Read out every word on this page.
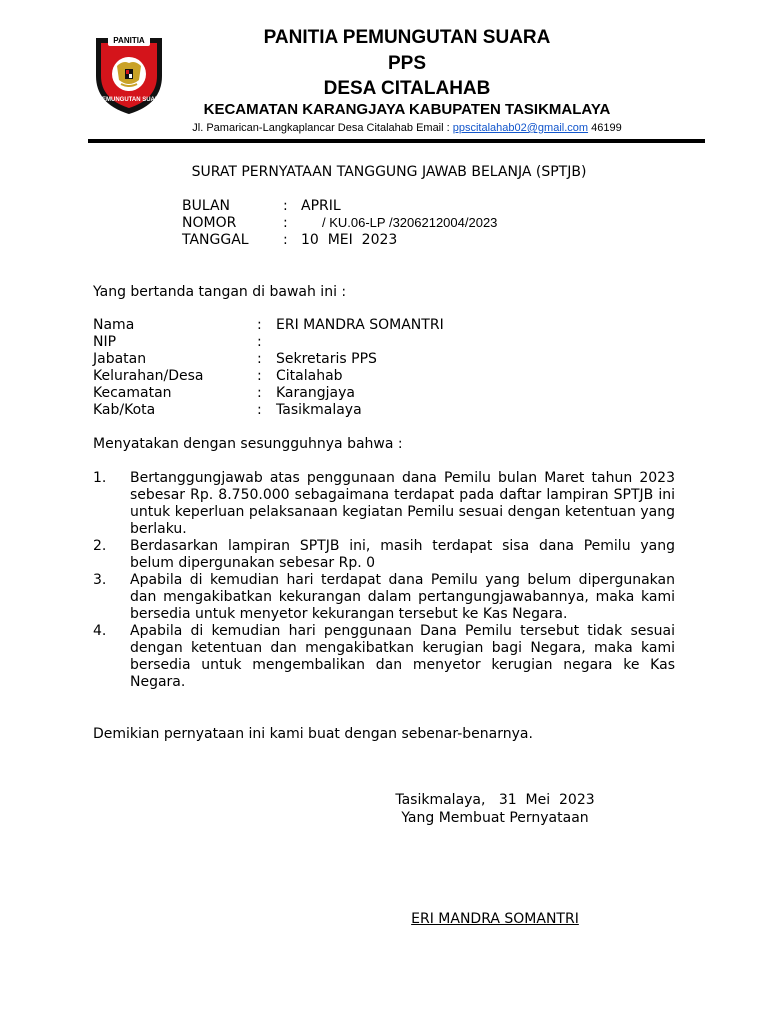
PANITIA
PEMUNGUTAN SUARA
PANITIA PEMUNGUTAN SUARA
PPS
DESA CITALAHAB
KECAMATAN KARANGJAYA KABUPATEN TASIKMALAYA
Jl. Pamarican-Langkaplancar Desa Citalahab Email : ppscitalahab02@gmail.com 46199
SURAT PERNYATAAN TANGGUNG JAWAB BELANJA (SPTJB)
BULAN	: APRIL
NOMOR	:	/ KU.06-LP /3206212004/2023
TANGGAL : 10  MEI  2023
Yang bertanda tangan di bawah ini :
Nama	: ERI MANDRA SOMANTRI
NIP	:
Jabatan	: Sekretaris PPS
Kelurahan/Desa	: Citalahab
Kecamatan	: Karangjaya
Kab/Kota	: Tasikmalaya
Menyatakan dengan sesungguhnya bahwa :
1.	Bertanggungjawab atas penggunaan dana Pemilu bulan Maret tahun 2023 sebesar Rp. 8.750.000 sebagaimana terdapat pada daftar lampiran SPTJB ini untuk keperluan pelaksanaan kegiatan Pemilu sesuai dengan ketentuan yang berlaku.
2.	Berdasarkan lampiran SPTJB ini, masih terdapat sisa dana Pemilu yang belum dipergunakan sebesar Rp. 0
3.	Apabila di kemudian hari terdapat dana Pemilu yang belum dipergunakan dan mengakibatkan kekurangan dalam pertangungjawabannya, maka kami bersedia untuk menyetor kekurangan tersebut ke Kas Negara.
4.	Apabila di kemudian hari penggunaan Dana Pemilu tersebut tidak sesuai dengan ketentuan dan mengakibatkan kerugian bagi Negara, maka kami bersedia untuk mengembalikan dan menyetor kerugian negara ke Kas Negara.
Demikian pernyataan ini kami buat dengan sebenar-benarnya.
Tasikmalaya,   31  Mei  2023
Yang Membuat Pernyataan
ERI MANDRA SOMANTRI
